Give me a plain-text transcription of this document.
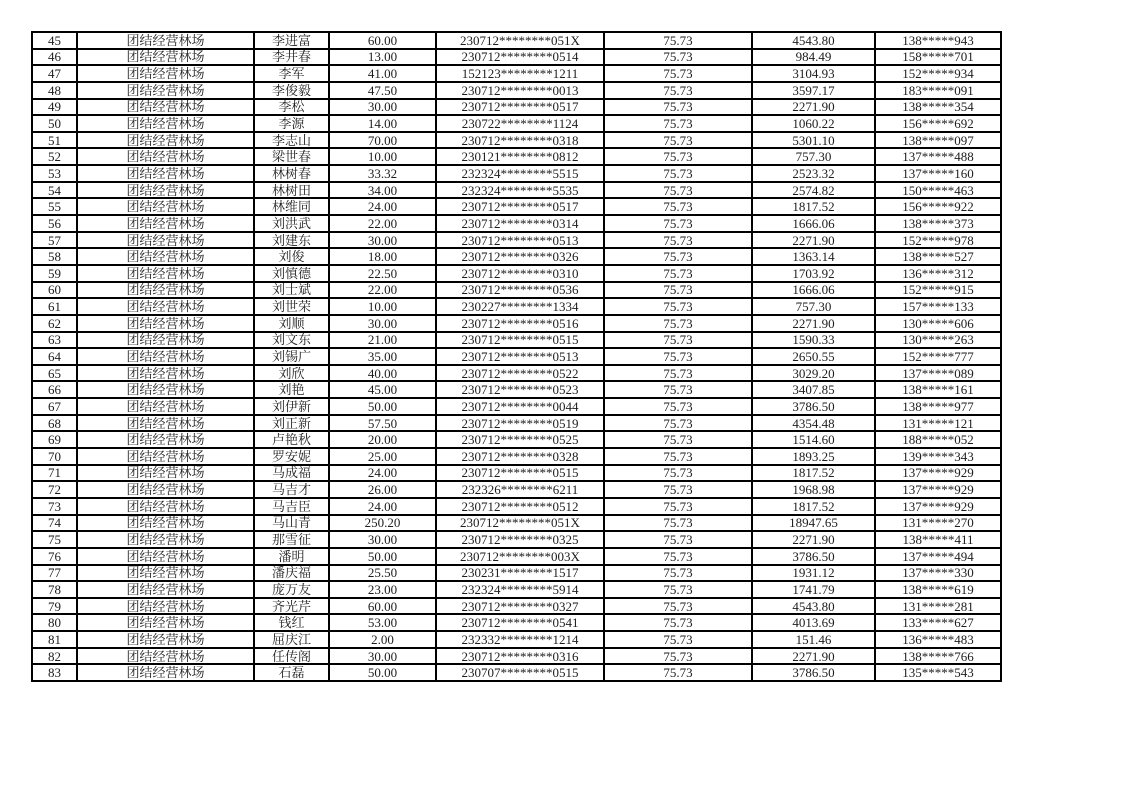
45	团结经营林场	李进富	60.00	230712********051X	75.73	4543.80	138*****943
46	团结经营林场	李井春	13.00	230712********0514	75.73	984.49	158*****701
47	团结经营林场	李军	41.00	152123********1211	75.73	3104.93	152*****934
48	团结经营林场	李俊毅	47.50	230712********0013	75.73	3597.17	183*****091
49	团结经营林场	李松	30.00	230712********0517	75.73	2271.90	138*****354
50	团结经营林场	李源	14.00	230722********1124	75.73	1060.22	156*****692
51	团结经营林场	李志山	70.00	230712********0318	75.73	5301.10	138*****097
52	团结经营林场	梁世春	10.00	230121********0812	75.73	757.30	137*****488
53	团结经营林场	林树春	33.32	232324********5515	75.73	2523.32	137*****160
54	团结经营林场	林树田	34.00	232324********5535	75.73	2574.82	150*****463
55	团结经营林场	林维同	24.00	230712********0517	75.73	1817.52	156*****922
56	团结经营林场	刘洪武	22.00	230712********0314	75.73	1666.06	138*****373
57	团结经营林场	刘建东	30.00	230712********0513	75.73	2271.90	152*****978
58	团结经营林场	刘俊	18.00	230712********0326	75.73	1363.14	138*****527
59	团结经营林场	刘慎德	22.50	230712********0310	75.73	1703.92	136*****312
60	团结经营林场	刘士斌	22.00	230712********0536	75.73	1666.06	152*****915
61	团结经营林场	刘世荣	10.00	230227********1334	75.73	757.30	157*****133
62	团结经营林场	刘顺	30.00	230712********0516	75.73	2271.90	130*****606
63	团结经营林场	刘文东	21.00	230712********0515	75.73	1590.33	130*****263
64	团结经营林场	刘锡广	35.00	230712********0513	75.73	2650.55	152*****777
65	团结经营林场	刘欣	40.00	230712********0522	75.73	3029.20	137*****089
66	团结经营林场	刘艳	45.00	230712********0523	75.73	3407.85	138*****161
67	团结经营林场	刘伊新	50.00	230712********0044	75.73	3786.50	138*****977
68	团结经营林场	刘正新	57.50	230712********0519	75.73	4354.48	131*****121
69	团结经营林场	卢艳秋	20.00	230712********0525	75.73	1514.60	188*****052
70	团结经营林场	罗安妮	25.00	230712********0328	75.73	1893.25	139*****343
71	团结经营林场	马成福	24.00	230712********0515	75.73	1817.52	137*****929
72	团结经营林场	马吉才	26.00	232326********6211	75.73	1968.98	137*****929
73	团结经营林场	马吉臣	24.00	230712********0512	75.73	1817.52	137*****929
74	团结经营林场	马山青	250.20	230712********051X	75.73	18947.65	131*****270
75	团结经营林场	那雪征	30.00	230712********0325	75.73	2271.90	138*****411
76	团结经营林场	潘明	50.00	230712********003X	75.73	3786.50	137*****494
77	团结经营林场	潘庆福	25.50	230231********1517	75.73	1931.12	137*****330
78	团结经营林场	庞万友	23.00	232324********5914	75.73	1741.79	138*****619
79	团结经营林场	齐光芹	60.00	230712********0327	75.73	4543.80	131*****281
80	团结经营林场	钱红	53.00	230712********0541	75.73	4013.69	133*****627
81	团结经营林场	屈庆江	2.00	232332********1214	75.73	151.46	136*****483
82	团结经营林场	任传阁	30.00	230712********0316	75.73	2271.90	138*****766
83	团结经营林场	石磊	50.00	230707********0515	75.73	3786.50	135*****543
